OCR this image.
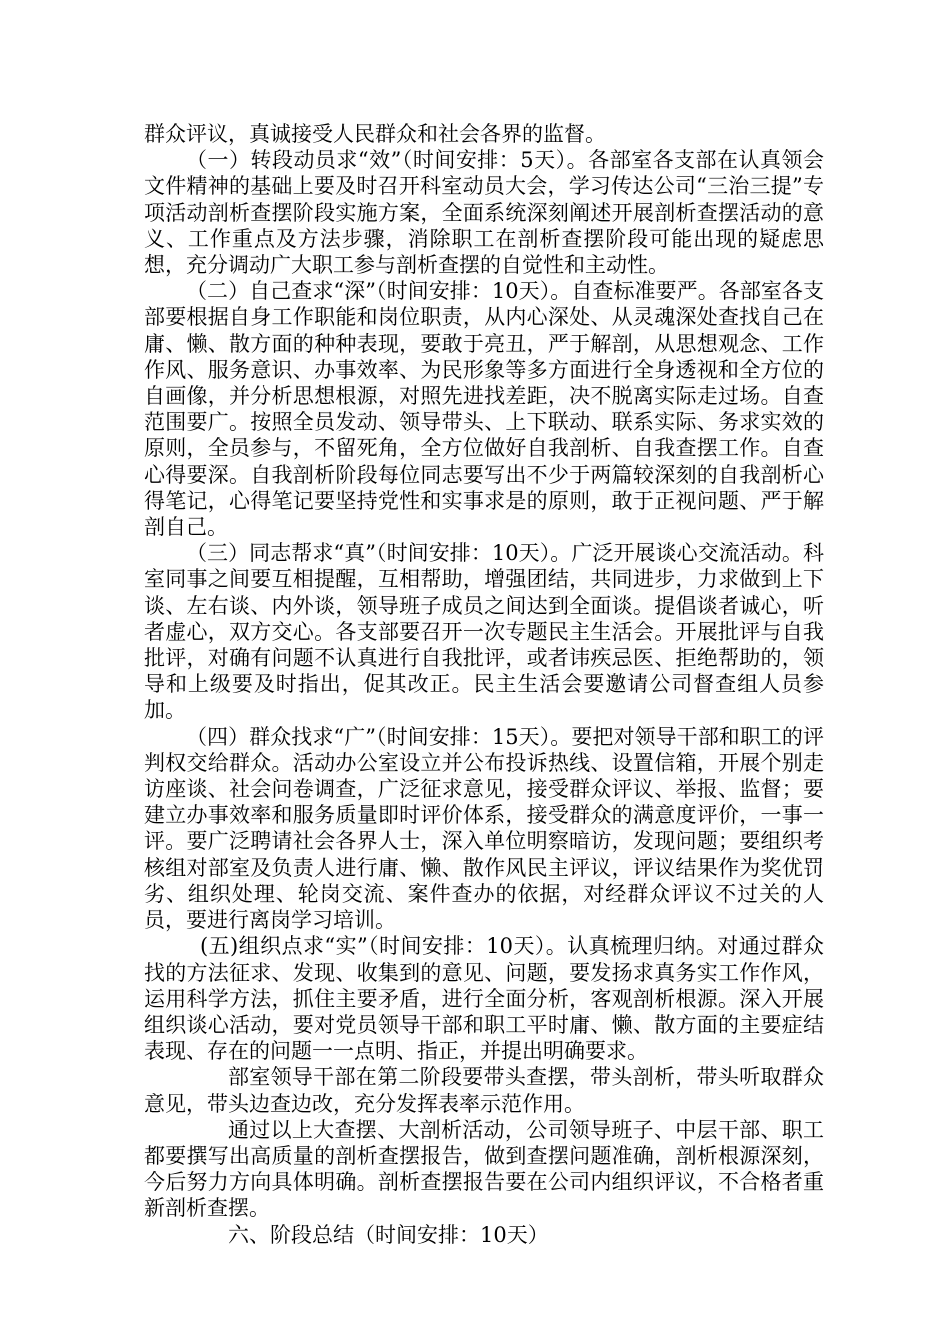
群众评议，真诚接受人民群众和社会各界的监督。

（一）转段动员求“效”（时间安排：5天）。各部室各支部在认真领会文件精神的基础上要及时召开科室动员大会，学习传达公司“三治三提”专项活动剖析查摆阶段实施方案，全面系统深刻阐述开展剖析查摆活动的意义、工作重点及方法步骤，消除职工在剖析查摆阶段可能出现的疑虑思想，充分调动广大职工参与剖析查摆的自觉性和主动性。

（二）自己查求“深”（时间安排：10天）。自查标准要严。各部室各支部要根据自身工作职能和岗位职责，从内心深处、从灵魂深处查找自己在庸、懒、散方面的种种表现，要敢于亮丑，严于解剖，从思想观念、工作作风、服务意识、办事效率、为民形象等多方面进行全身透视和全方位的自画像，并分析思想根源，对照先进找差距，决不脱离实际走过场。自查范围要广。按照全员发动、领导带头、上下联动、联系实际、务求实效的原则，全员参与，不留死角，全方位做好自我剖析、自我查摆工作。自查心得要深。自我剖析阶段每位同志要写出不少于两篇较深刻的自我剖析心得笔记，心得笔记要坚持党性和实事求是的原则，敢于正视问题、严于解剖自己。

（三）同志帮求“真”（时间安排：10天）。广泛开展谈心交流活动。科室同事之间要互相提醒，互相帮助，增强团结，共同进步，力求做到上下谈、左右谈、内外谈，领导班子成员之间达到全面谈。提倡谈者诚心，听者虚心，双方交心。各支部要召开一次专题民主生活会。开展批评与自我批评，对确有问题不认真进行自我批评，或者讳疾忌医、拒绝帮助的，领导和上级要及时指出，促其改正。民主生活会要邀请公司督查组人员参加。

（四）群众找求“广”（时间安排：15天）。要把对领导干部和职工的评判权交给群众。活动办公室设立并公布投诉热线、设置信箱，开展个别走访座谈、社会问卷调查，广泛征求意见，接受群众评议、举报、监督；要建立办事效率和服务质量即时评价体系，接受群众的满意度评价，一事一评。要广泛聘请社会各界人士，深入单位明察暗访，发现问题；要组织考核组对部室及负责人进行庸、懒、散作风民主评议，评议结果作为奖优罚劣、组织处理、轮岗交流、案件查办的依据，对经群众评议不过关的人员，要进行离岗学习培训。

(五)组织点求“实”（时间安排：10天）。认真梳理归纳。对通过群众找的方法征求、发现、收集到的意见、问题，要发扬求真务实工作作风，运用科学方法，抓住主要矛盾，进行全面分析，客观剖析根源。深入开展组织谈心活动，要对党员领导干部和职工平时庸、懒、散方面的主要症结表现、存在的问题一一点明、指正，并提出明确要求。

部室领导干部在第二阶段要带头查摆，带头剖析，带头听取群众意见，带头边查边改，充分发挥表率示范作用。

通过以上大查摆、大剖析活动，公司领导班子、中层干部、职工都要撰写出高质量的剖析查摆报告，做到查摆问题准确，剖析根源深刻，今后努力方向具体明确。剖析查摆报告要在公司内组织评议，不合格者重新剖析查摆。

六、阶段总结（时间安排：10天）
